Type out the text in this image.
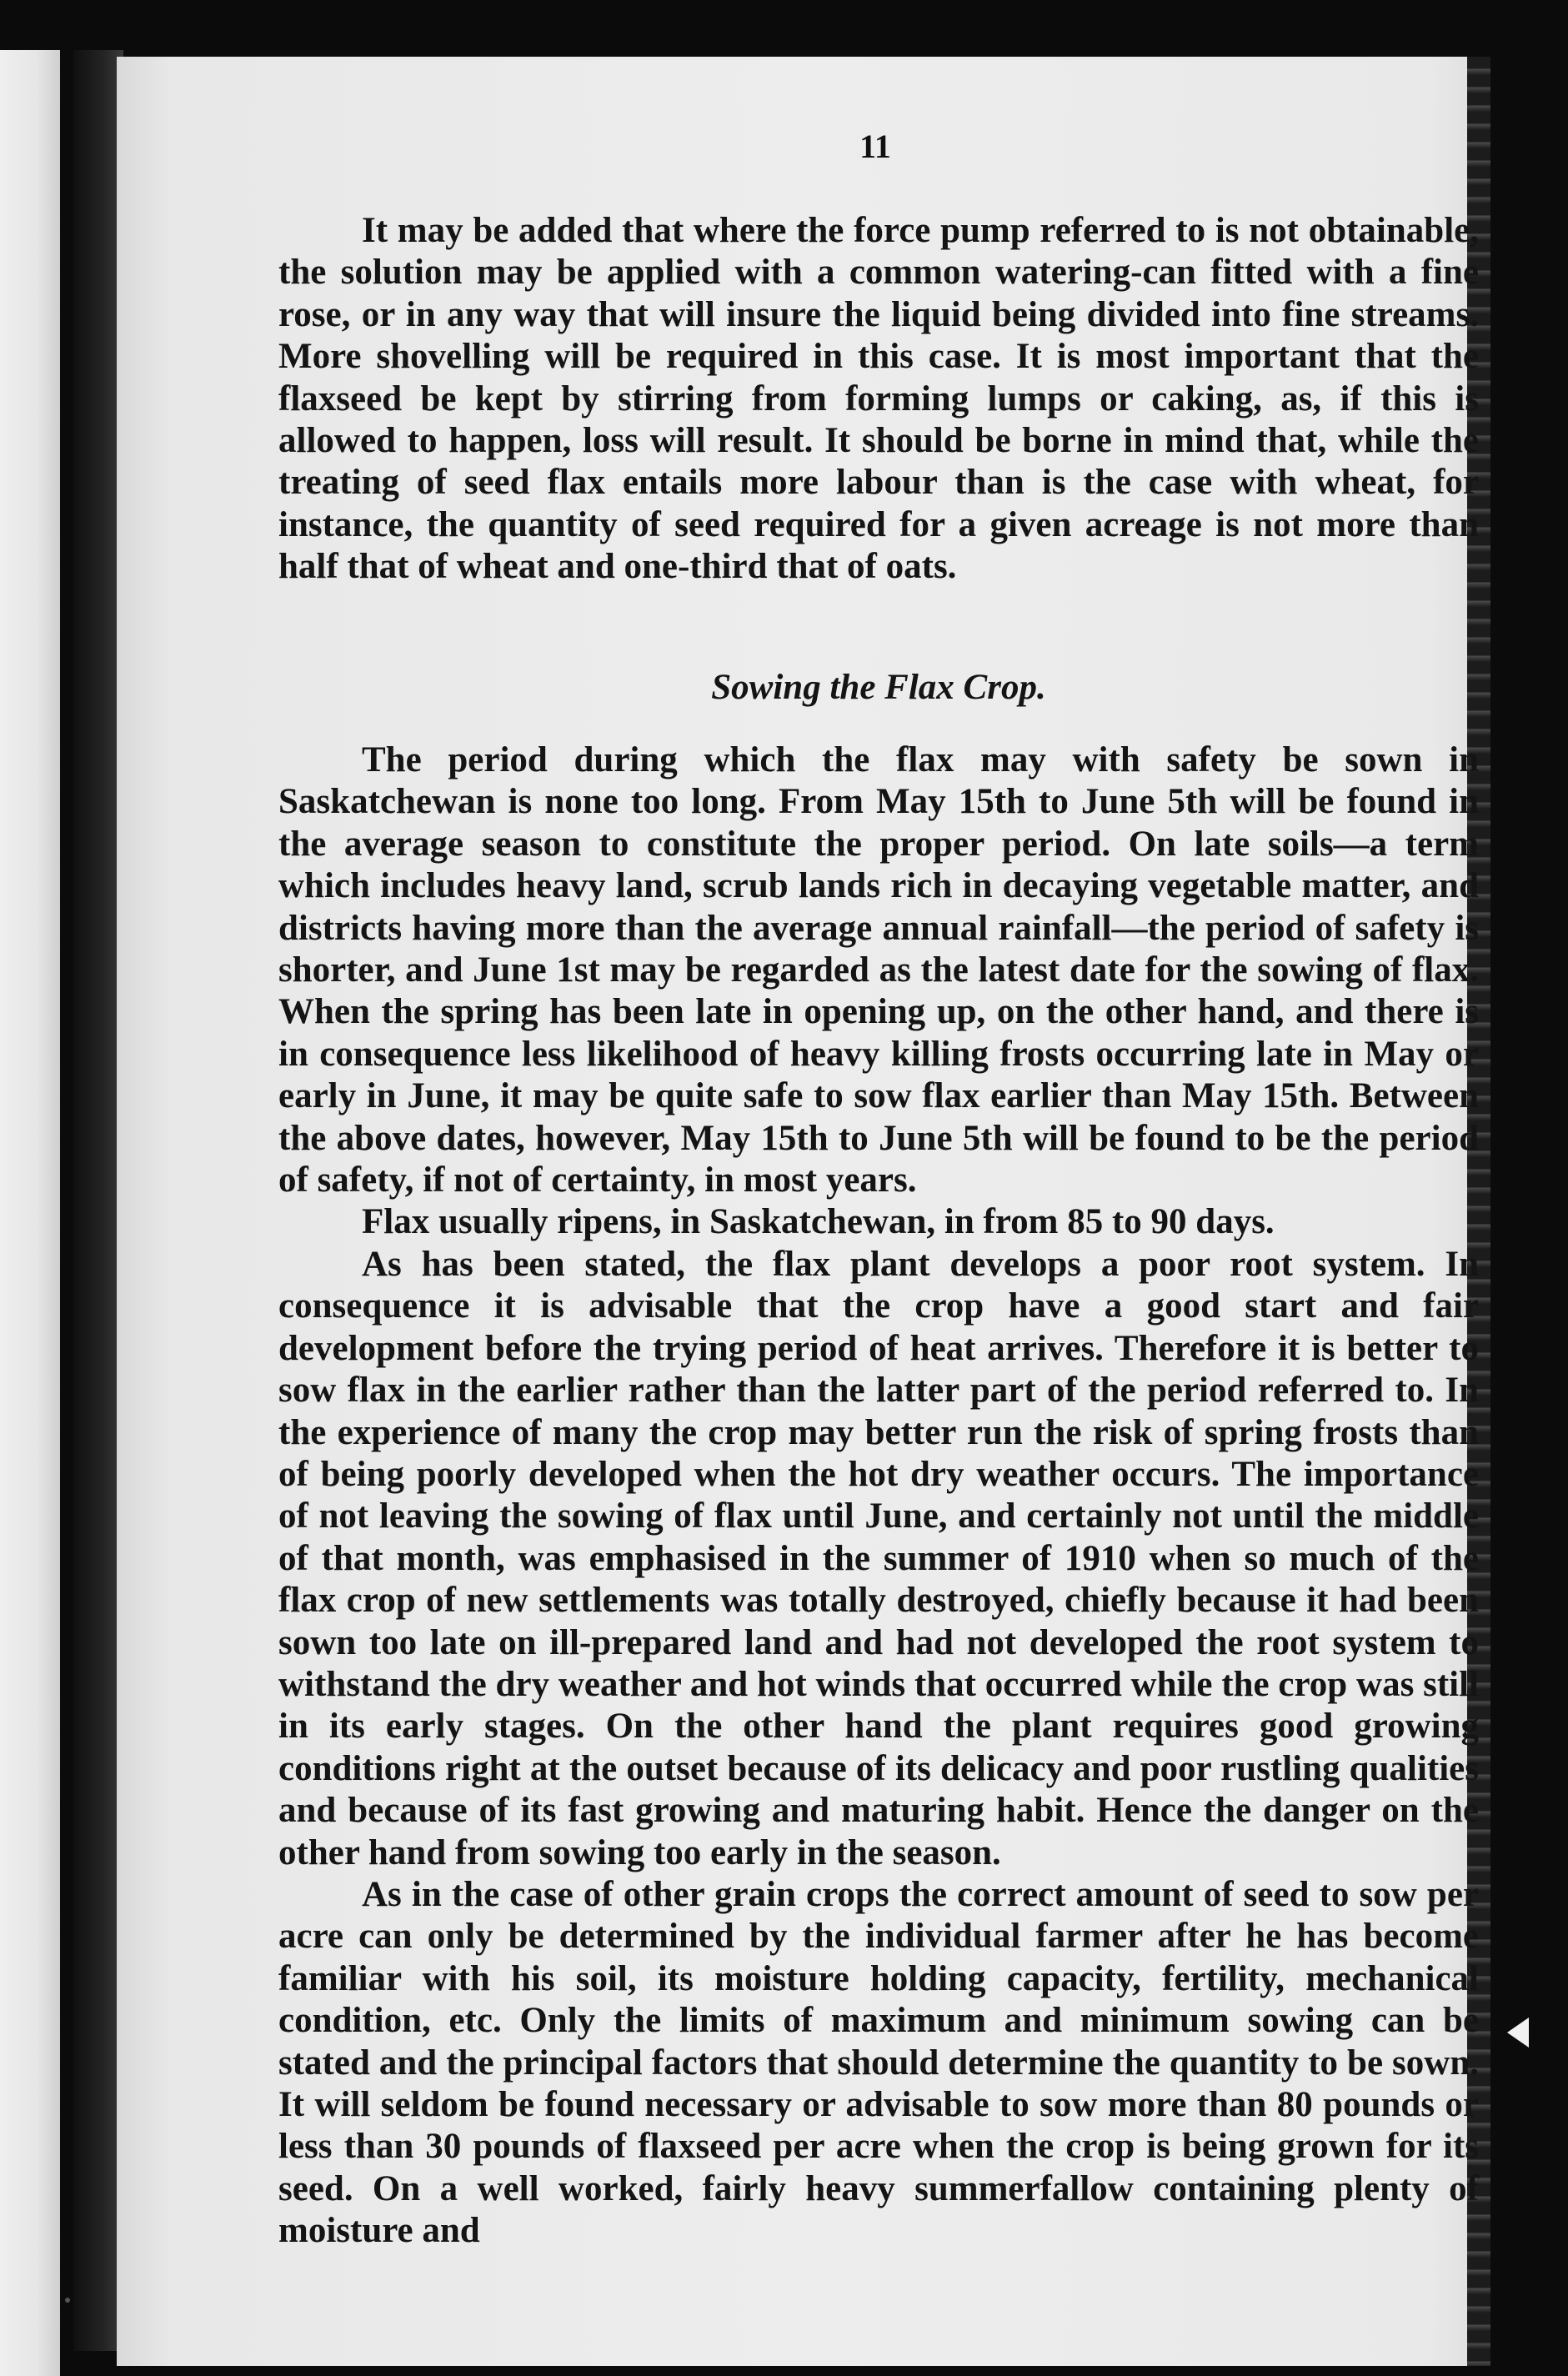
11

It may be added that where the force pump referred to is not obtainable, the solution may be applied with a common watering-can fitted with a fine rose, or in any way that will insure the liquid being divided into fine streams. More shovelling will be required in this case. It is most important that the flaxseed be kept by stirring from forming lumps or caking, as, if this is allowed to happen, loss will result. It should be borne in mind that, while the treating of seed flax entails more labour than is the case with wheat, for instance, the quantity of seed required for a given acreage is not more than half that of wheat and one-third that of oats.

Sowing the Flax Crop.

The period during which the flax may with safety be sown in Saskatchewan is none too long. From May 15th to June 5th will be found in the average season to constitute the proper period. On late soils—a term which includes heavy land, scrub lands rich in decaying vegetable matter, and districts having more than the average annual rainfall—the period of safety is shorter, and June 1st may be regarded as the latest date for the sowing of flax. When the spring has been late in opening up, on the other hand, and there is in consequence less likelihood of heavy killing frosts occurring late in May or early in June, it may be quite safe to sow flax earlier than May 15th. Between the above dates, however, May 15th to June 5th will be found to be the period of safety, if not of certainty, in most years.

Flax usually ripens, in Saskatchewan, in from 85 to 90 days.

As has been stated, the flax plant develops a poor root system. In consequence it is advisable that the crop have a good start and fair development before the trying period of heat arrives. Therefore it is better to sow flax in the earlier rather than the latter part of the period referred to. In the experience of many the crop may better run the risk of spring frosts than of being poorly developed when the hot dry weather occurs. The importance of not leaving the sowing of flax until June, and certainly not until the middle of that month, was emphasised in the summer of 1910 when so much of the flax crop of new settlements was totally destroyed, chiefly because it had been sown too late on ill-prepared land and had not developed the root system to withstand the dry weather and hot winds that occurred while the crop was still in its early stages. On the other hand the plant requires good growing conditions right at the outset because of its delicacy and poor rustling qualities and because of its fast growing and maturing habit. Hence the danger on the other hand from sowing too early in the season.

As in the case of other grain crops the correct amount of seed to sow per acre can only be determined by the individual farmer after he has become familiar with his soil, its moisture holding capacity, fertility, mechanical condition, etc. Only the limits of maximum and minimum sowing can be stated and the principal factors that should determine the quantity to be sown. It will seldom be found necessary or advisable to sow more than 80 pounds or less than 30 pounds of flaxseed per acre when the crop is being grown for its seed. On a well worked, fairly heavy summerfallow containing plenty of moisture and
